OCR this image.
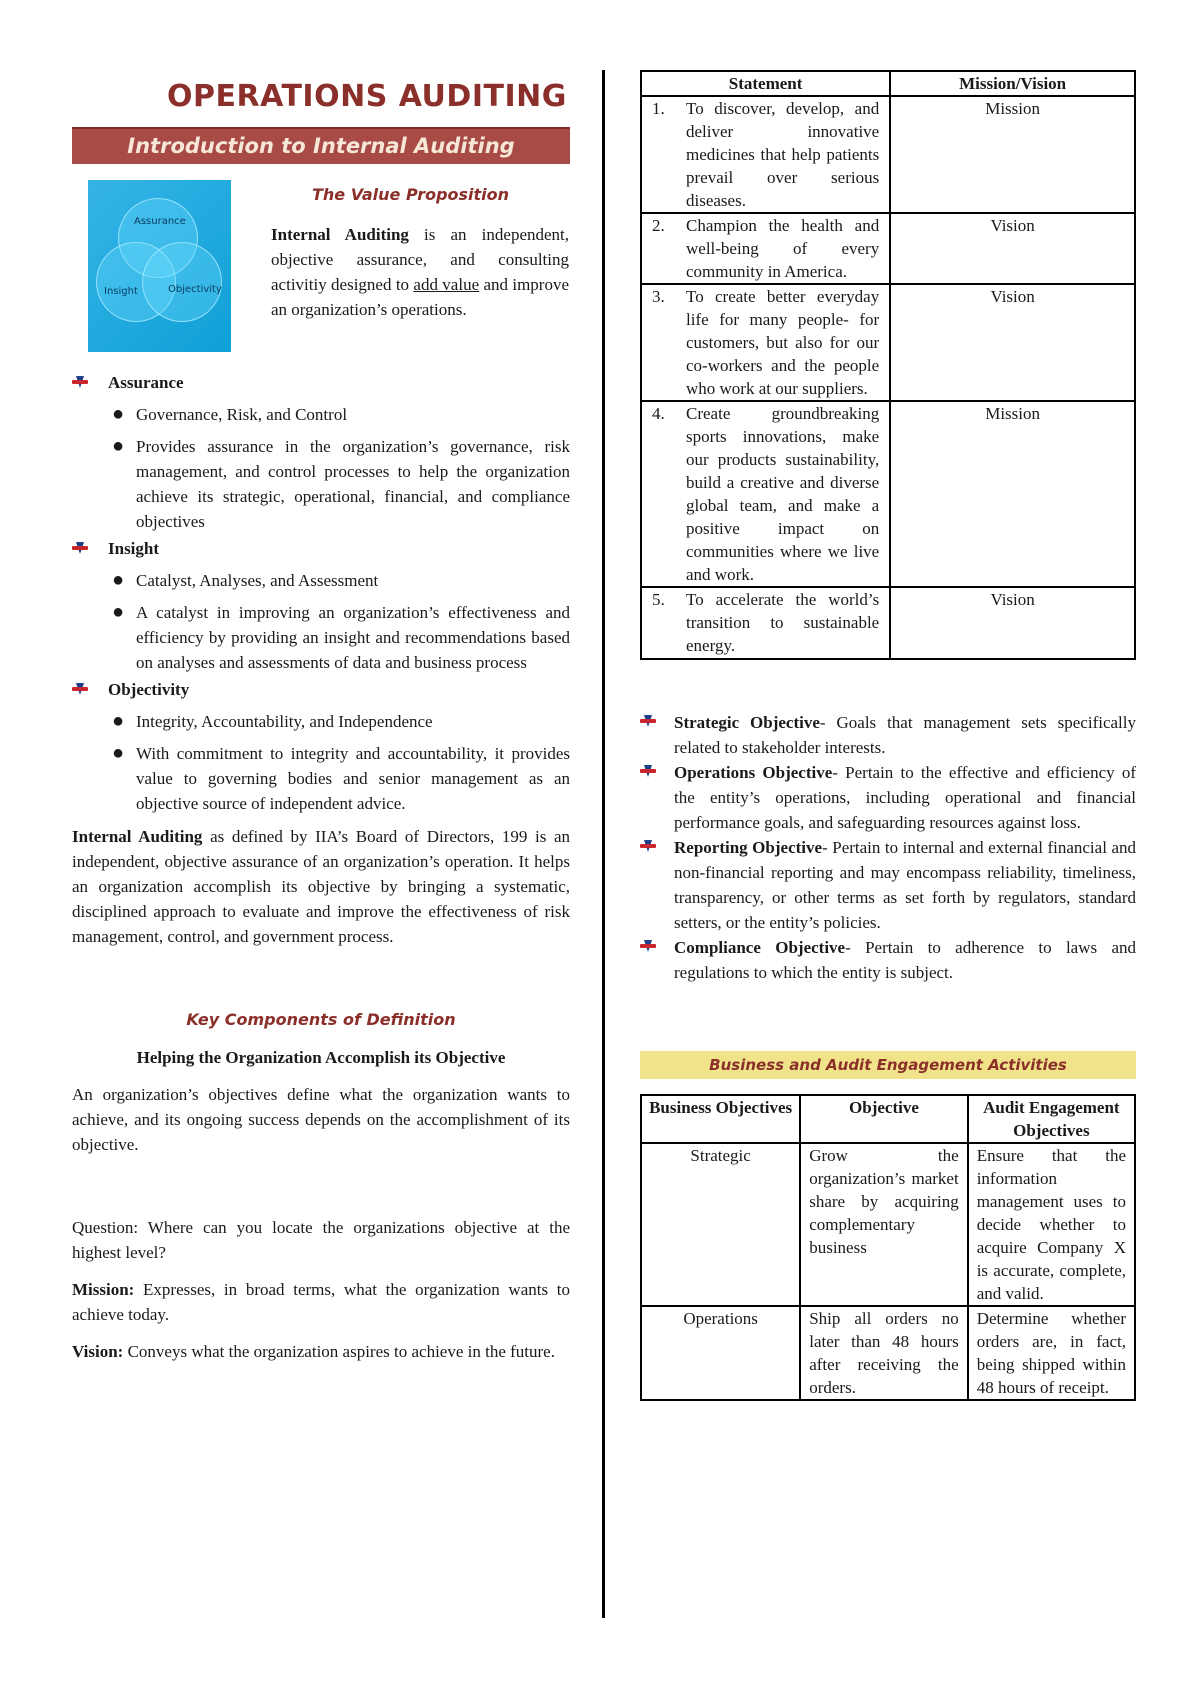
OPERATIONS AUDITING
Introduction to Internal Auditing
Assurance
Insight	Objectivity
The Value Proposition
Internal Auditing is an independent, objective assurance, and consulting activitiy designed to add value and improve an organization’s operations.
Assurance
● Governance, Risk, and Control
● Provides assurance in the organization’s governance, risk management, and control processes to help the organization achieve its strategic, operational, financial, and compliance objectives
Insight
● Catalyst, Analyses, and Assessment
● A catalyst in improving an organization’s effectiveness and efficiency by providing an insight and recommendations based on analyses and assessments of data and business process
Objectivity
● Integrity, Accountability, and Independence
● With commitment to integrity and accountability, it provides value to governing bodies and senior management as an objective source of independent advice.
Internal Auditing as defined by IIA’s Board of Directors, 199 is an independent, objective assurance of an organization’s operation. It helps an organization accomplish its objective by bringing a systematic, disciplined approach to evaluate and improve the effectiveness of risk management, control, and government process.
Key Components of Definition
Helping the Organization Accomplish its Objective
An organization’s objectives define what the organization wants to achieve, and its ongoing success depends on the accomplishment of its objective.
Question: Where can you locate the organizations objective at the highest level?
Mission: Expresses, in broad terms, what the organization wants to achieve today.
Vision: Conveys what the organization aspires to achieve in the future.
Statement	Mission/Vision

1. To discover, develop, and deliver innovative medicines that help patients prevail over serious diseases.	Mission

2. Champion the health and well-being of every community in America.	Vision

3. To create better everyday life for many people- for customers, but also for our co-workers and the people who work at our suppliers.	Vision

4. Create groundbreaking sports innovations, make our products sustainability, build a creative and diverse global team, and make a positive impact on communities where we live and work.	Mission

5. To accelerate the world’s transition to sustainable energy.	Vision
Strategic Objective- Goals that management sets specifically related to stakeholder interests.
Operations Objective- Pertain to the effective and efficiency of the entity’s operations, including operational and financial performance goals, and safeguarding resources against loss.
Reporting Objective- Pertain to internal and external financial and non-financial reporting and may encompass reliability, timeliness, transparency, or other terms as set forth by regulators, standard setters, or the entity’s policies.
Compliance Objective- Pertain to adherence to laws and regulations to which the entity is subject.
Business and Audit Engagement Activities
Business Objectives	Objective	Audit Engagement Objectives
Strategic	Grow the organization’s market share by acquiring complementary business	Ensure that the information management uses to decide whether to acquire Company X is accurate, complete, and valid.
Operations	Ship all orders no later than 48 hours after receiving the orders.	Determine whether orders are, in fact, being shipped within 48 hours of receipt.
